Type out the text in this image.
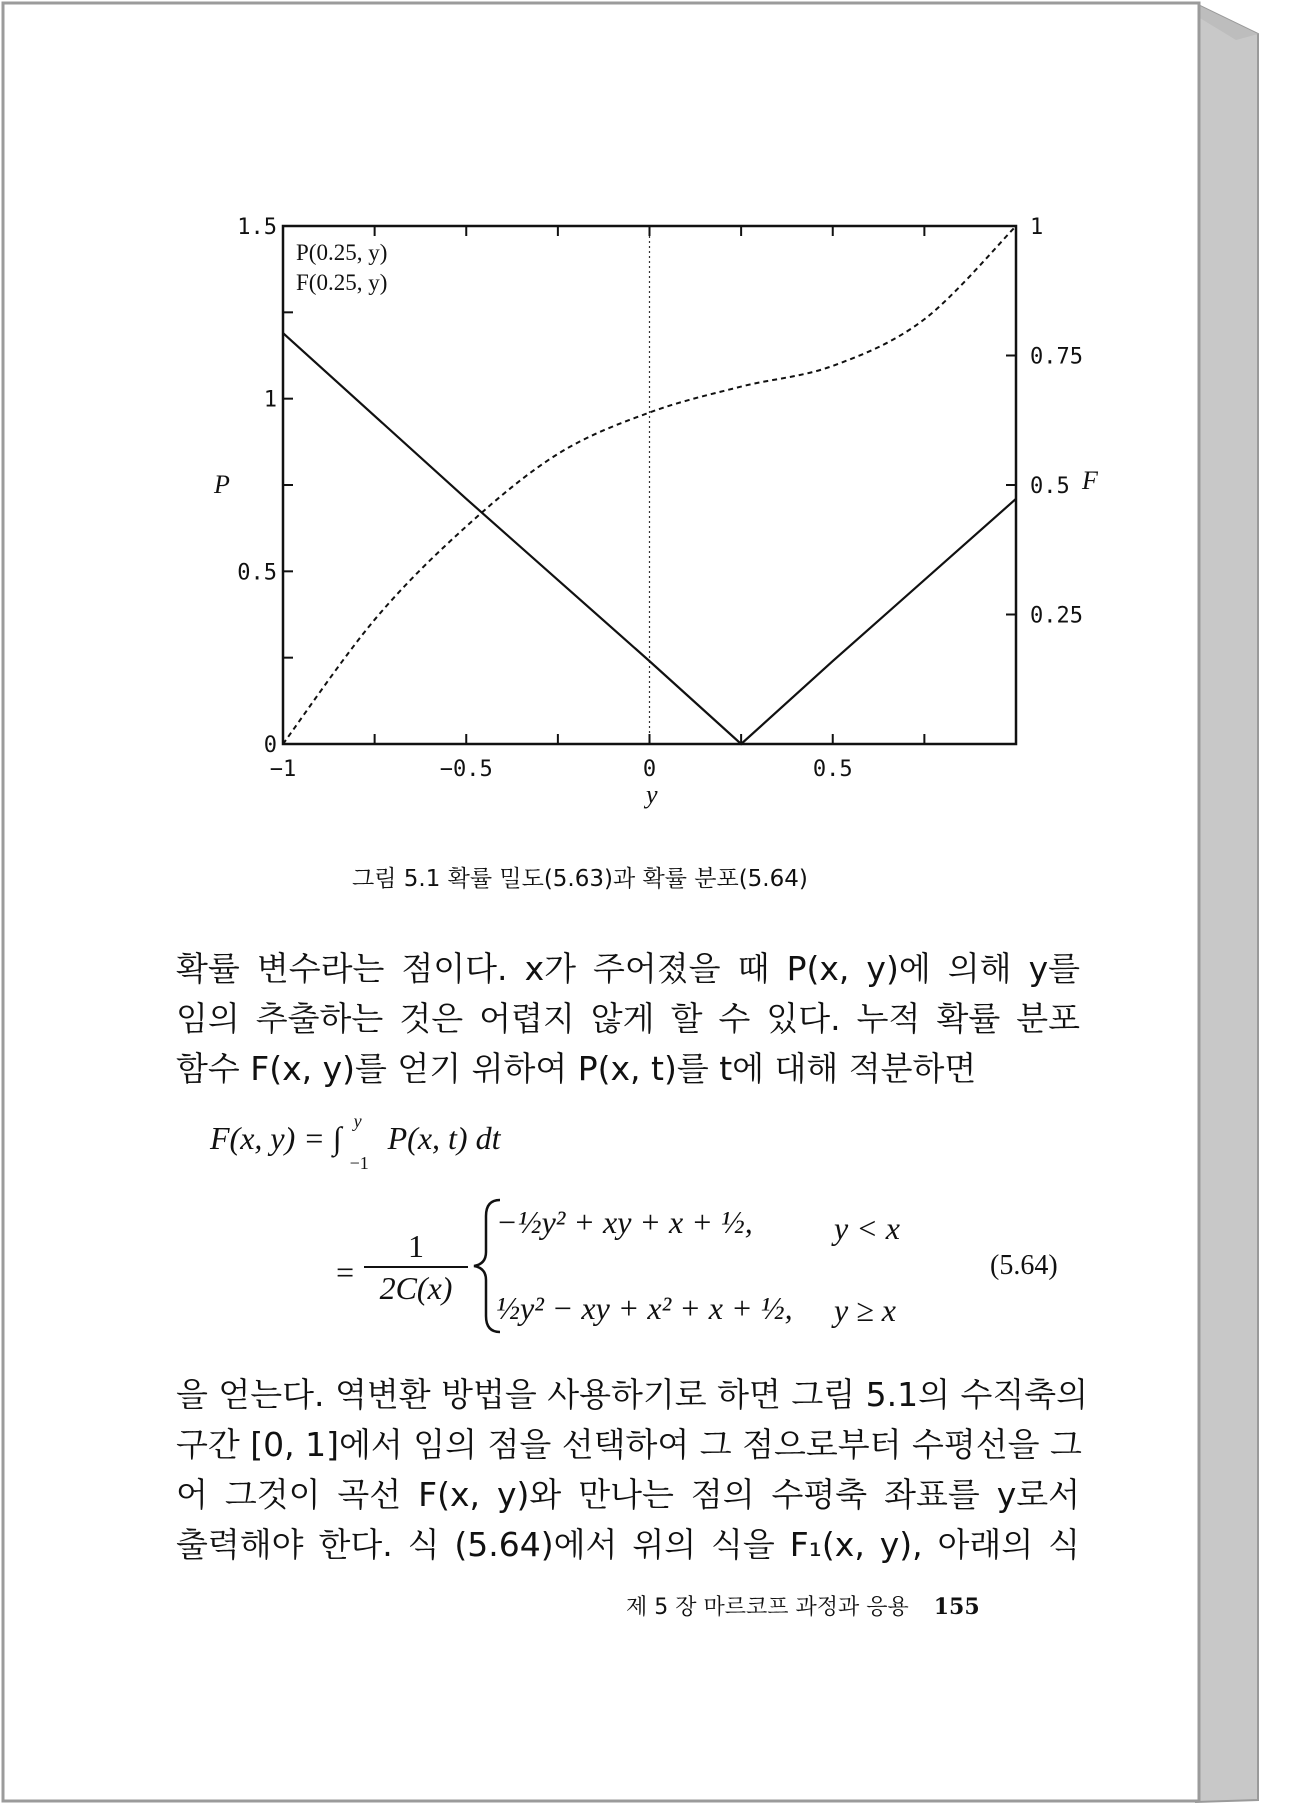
−1	−0.5	0	0.5
0
0.5
1
1.5
0.25
0.5
0.75
1
P(0.25, y)
F(0.25, y)
P	F
y
그림 5.1 확률 밀도(5.63)과 확률 분포(5.64)
확률 변수라는 점이다. x가 주어졌을 때 P(x, y)에 의해 y를
임의 추출하는 것은 어렵지 않게 할 수 있다. 누적 확률 분포
함수 F(x, y)를 얻기 위하여 P(x, t)를 t에 대해 적분하면
F(x, y) = ∫ y
−1
P(x, t) dt
=
1
2C(x)
−½y² + xy + x + ½,	y < x
½y² − xy + x² + x + ½, y ≥ x
(5.64)
을 얻는다. 역변환 방법을 사용하기로 하면 그림 5.1의 수직축의
구간 [0, 1]에서 임의 점을 선택하여 그 점으로부터 수평선을 그
어 그것이 곡선 F(x, y)와 만나는 점의 수평축 좌표를 y로서
출력해야 한다. 식 (5.64)에서 위의 식을 F₁(x, y), 아래의 식
제 5 장 마르코프 과정과 응용 155
